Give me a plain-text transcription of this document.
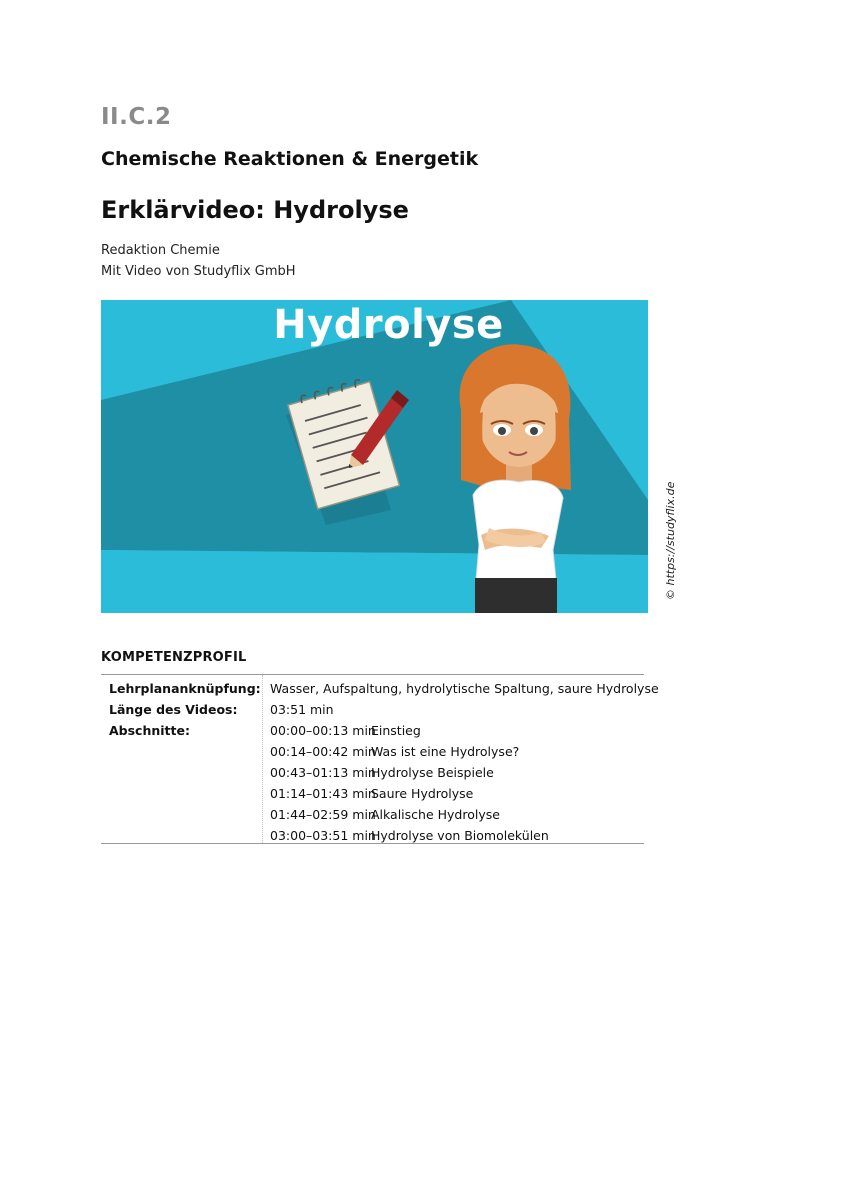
II.C.2
Chemische Reaktionen & Energetik
Erklärvideo: Hydrolyse
Redaktion Chemie
Mit Video von Studyflix GmbH
Hydrolyse
© https://studyflix.de
KOMPETENZPROFIL
Lehrplananknüpfung: Wasser, Aufspaltung, hydrolytische Spaltung, saure Hydrolyse
Länge des Videos:	03:51 min
Abschnitte:	00:00–00:13 min
Einstieg
00:14–00:42 min
Was ist eine Hydrolyse?
00:43–01:13 min
Hydrolyse Beispiele
01:14–01:43 min
Saure Hydrolyse
01:44–02:59 min
Alkalische Hydrolyse
03:00–03:51 min
Hydrolyse von Biomolekülen
